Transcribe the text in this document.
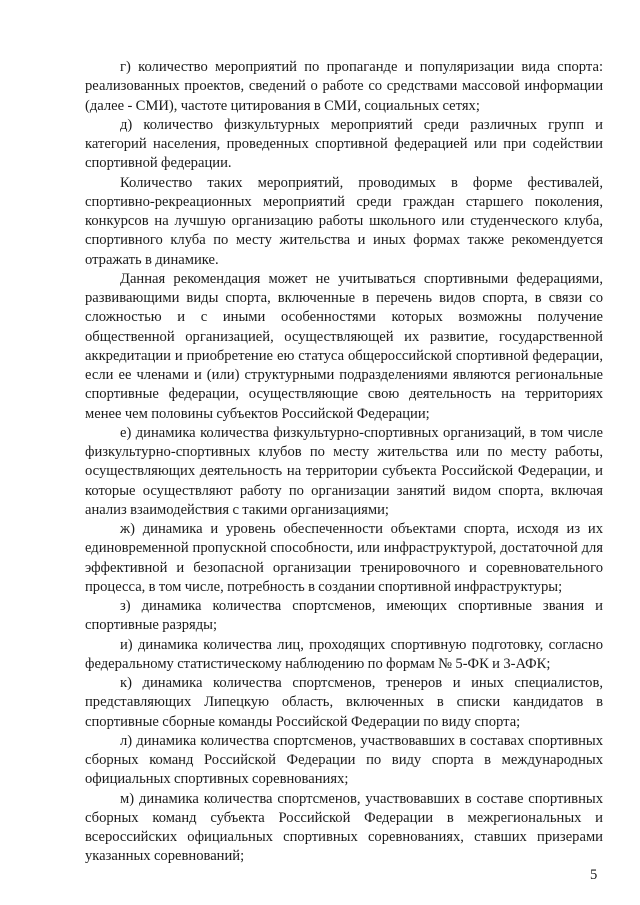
г) количество мероприятий по пропаганде и популяризации вида спорта: реализованных проектов, сведений о работе со средствами массовой информации (далее - СМИ), частоте цитирования в СМИ, социальных сетях;

д) количество физкультурных мероприятий среди различных групп и категорий населения, проведенных спортивной федерацией или при содействии спортивной федерации.

Количество таких мероприятий, проводимых в форме фестивалей, спортивно-рекреационных мероприятий среди граждан старшего поколения, конкурсов на лучшую организацию работы школьного или студенческого клуба, спортивного клуба по месту жительства и иных формах также рекомендуется отражать в динамике.

Данная рекомендация может не учитываться спортивными федерациями, развивающими виды спорта, включенные в перечень видов спорта, в связи со сложностью и с иными особенностями которых возможны получение общественной организацией, осуществляющей их развитие, государственной аккредитации и приобретение ею статуса общероссийской спортивной федерации, если ее членами и (или) структурными подразделениями являются региональные спортивные федерации, осуществляющие свою деятельность на территориях менее чем половины субъектов Российской Федерации;

е) динамика количества физкультурно-спортивных организаций, в том числе физкультурно-спортивных клубов по месту жительства или по месту работы, осуществляющих деятельность на территории субъекта Российской Федерации, и которые осуществляют работу по организации занятий видом спорта, включая анализ взаимодействия с такими организациями;

ж) динамика и уровень обеспеченности объектами спорта, исходя из их единовременной пропускной способности, или инфраструктурой, достаточной для эффективной и безопасной организации тренировочного и соревновательного процесса, в том числе, потребность в создании спортивной инфраструктуры;

з) динамика количества спортсменов, имеющих спортивные звания и спортивные разряды;

и) динамика количества лиц, проходящих спортивную подготовку, согласно федеральному статистическому наблюдению по формам № 5-ФК и 3-АФК;

к) динамика количества спортсменов, тренеров и иных специалистов, представляющих Липецкую область, включенных в списки кандидатов в спортивные сборные команды Российской Федерации по виду спорта;

л) динамика количества спортсменов, участвовавших в составах спортивных сборных команд Российской Федерации по виду спорта в международных официальных спортивных соревнованиях;

м) динамика количества спортсменов, участвовавших в составе спортивных сборных команд субъекта Российской Федерации в межрегиональных и всероссийских официальных спортивных соревнованиях, ставших призерами указанных соревнований;

5
